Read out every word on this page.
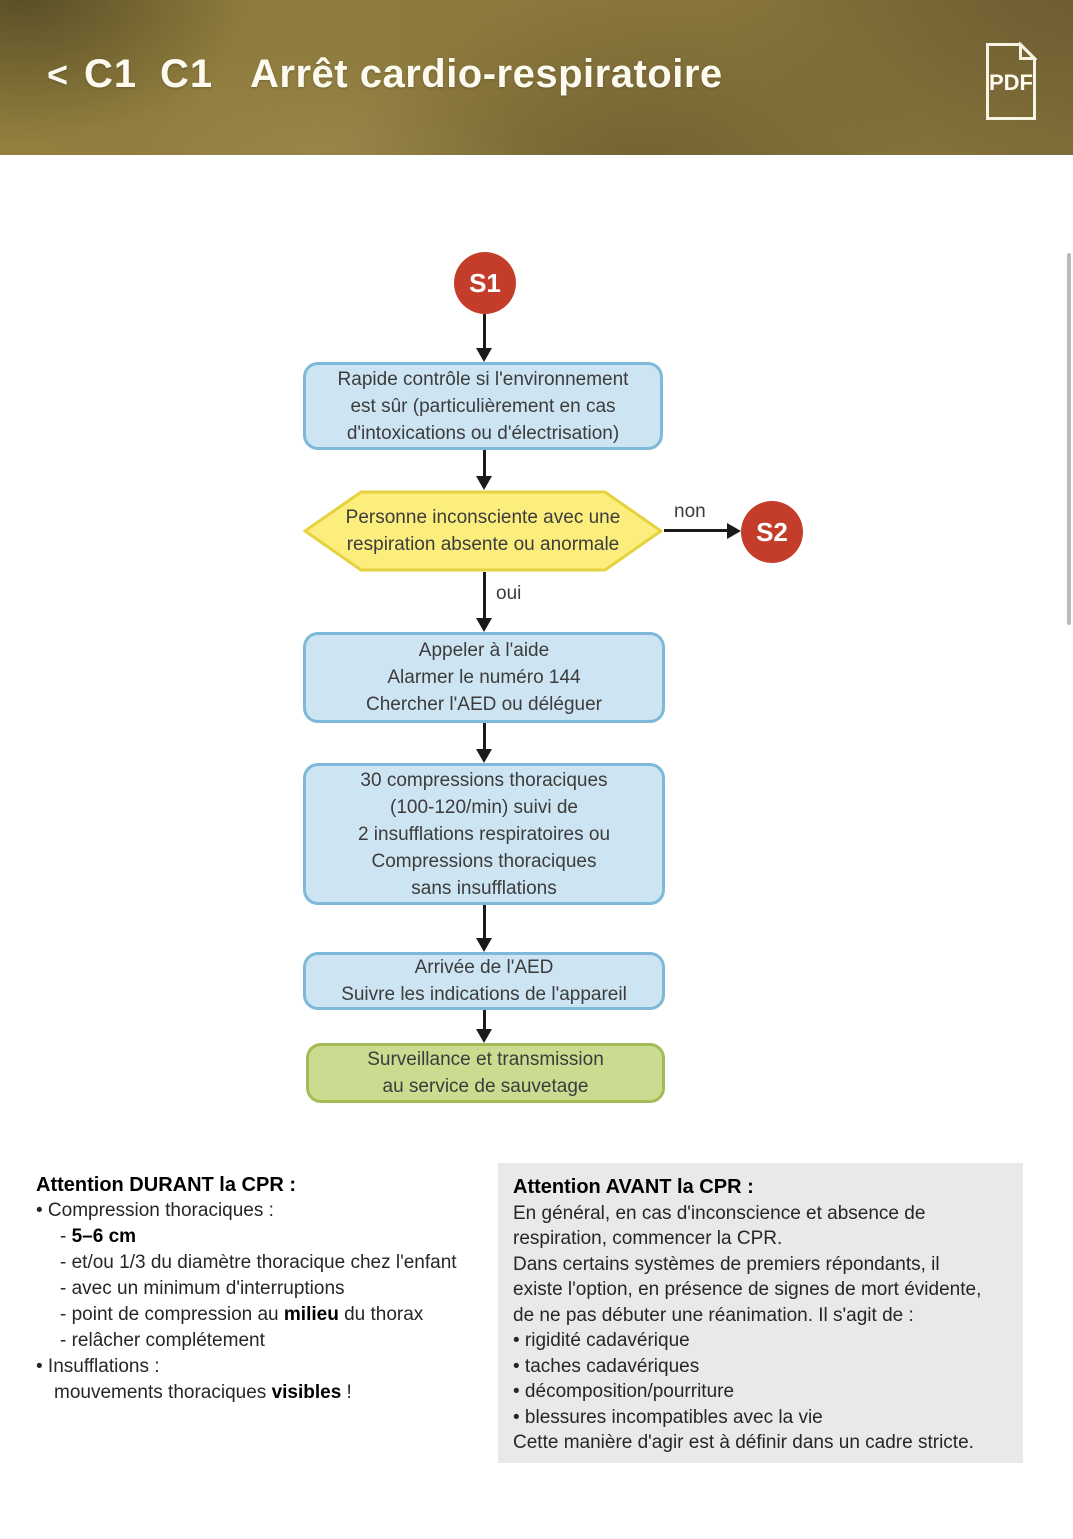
< C1 C1 Arrêt cardio-respiratoire	PDF
S1
Rapide contrôle si l'environnement
est sûr (particulièrement en cas
d'intoxications ou d'électrisation)
Personne inconsciente avec une
respiration absente ou anormale
non
S2
oui
Appeler à l'aide
Alarmer le numéro 144
Chercher l'AED ou déléguer
30 compressions thoraciques
(100-120/min) suivi de
2 insufflations respiratoires ou
Compressions thoraciques
sans insufflations
Arrivée de l'AED
Suivre les indications de l'appareil
Surveillance et transmission
au service de sauvetage
Attention DURANT la CPR :
• Compression thoraciques :
- 5–6 cm
- et/ou 1/3 du diamètre thoracique chez l'enfant
- avec un minimum d'interruptions
- point de compression au milieu du thorax
- relâcher complétement
• Insufflations :
mouvements thoraciques visibles !
Attention AVANT la CPR :
En général, en cas d'inconscience et absence de
respiration, commencer la CPR.
Dans certains systèmes de premiers répondants, il
existe l'option, en présence de signes de mort évidente,
de ne pas débuter une réanimation. Il s'agit de :
• rigidité cadavérique
• taches cadavériques
• décomposition/pourriture
• blessures incompatibles avec la vie
Cette manière d'agir est à définir dans un cadre stricte.
